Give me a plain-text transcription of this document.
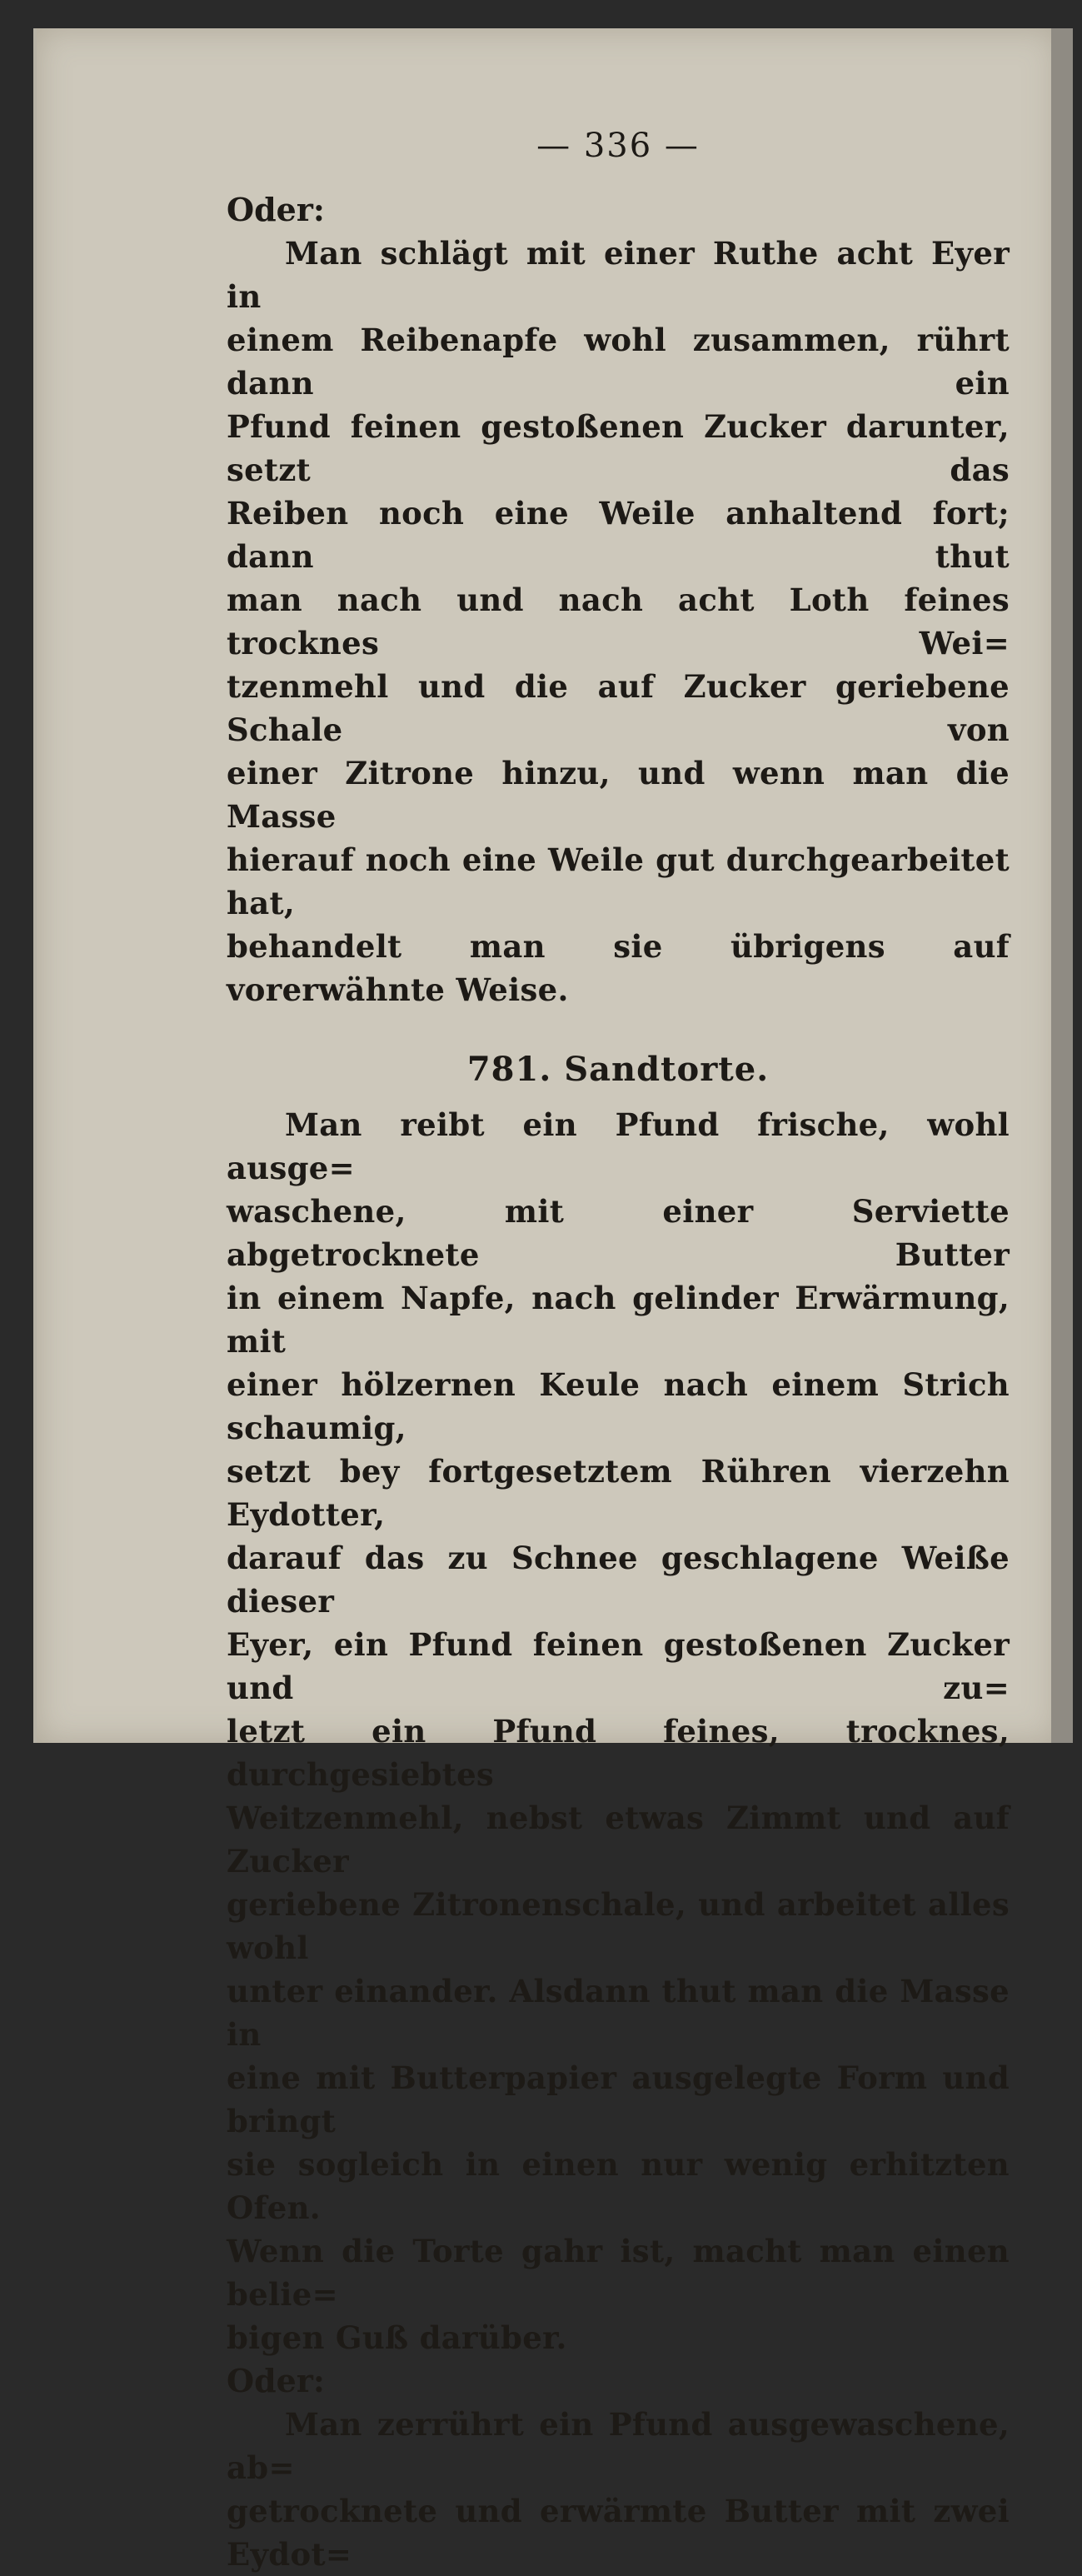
— 336 —

Oder:

Man schlägt mit einer Ruthe acht Eyer in
einem Reibenapfe wohl zusammen, rührt dann ein
Pfund feinen gestoßenen Zucker darunter, setzt das
Reiben noch eine Weile anhaltend fort; dann thut
man nach und nach acht Loth feines trocknes Wei=
tzenmehl und die auf Zucker geriebene Schale von
einer Zitrone hinzu, und wenn man die Masse
hierauf noch eine Weile gut durchgearbeitet hat,
behandelt man sie übrigens auf vorerwähnte Weise.

781. Sandtorte.

Man reibt ein Pfund frische, wohl ausge=
waschene, mit einer Serviette abgetrocknete Butter
in einem Napfe, nach gelinder Erwärmung, mit
einer hölzernen Keule nach einem Strich schaumig,
setzt bey fortgesetztem Rühren vierzehn Eydotter,
darauf das zu Schnee geschlagene Weiße dieser
Eyer, ein Pfund feinen gestoßenen Zucker und zu=
letzt ein Pfund feines, trocknes, durchgesiebtes
Weitzenmehl, nebst etwas Zimmt und auf Zucker
geriebene Zitronenschale, und arbeitet alles wohl
unter einander. Alsdann thut man die Masse in
eine mit Butterpapier ausgelegte Form und bringt
sie sogleich in einen nur wenig erhitzten Ofen.
Wenn die Torte gahr ist, macht man einen belie=
bigen Guß darüber.

Oder:

Man zerrührt ein Pfund ausgewaschene, ab=
getrocknete und erwärmte Butter mit zwei Eydot=
